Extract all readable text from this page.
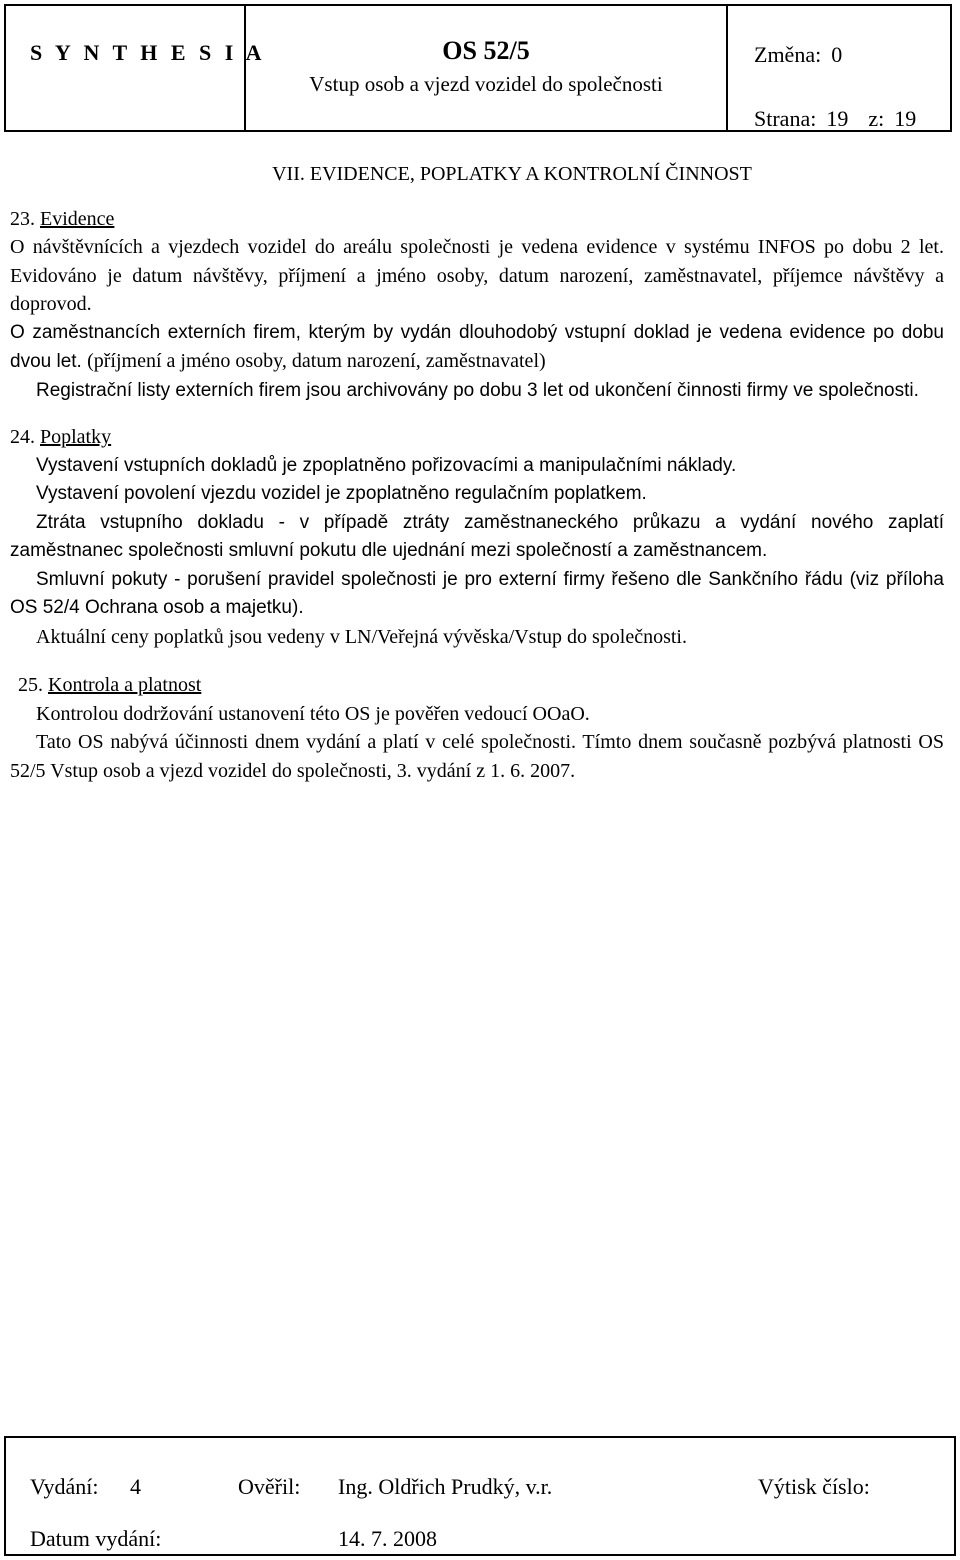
S Y N T H E S I A	OS 52/5
Vstup osob a vjezd vozidel do společnosti
Změna: 0
Strana: 19 z: 19
VII. EVIDENCE, POPLATKY A KONTROLNÍ ČINNOST
23. Evidence

O návštěvnících a vjezdech vozidel do areálu společnosti je vedena evidence v systému INFOS po dobu 2 let. Evidováno je datum návštěvy, příjmení a jméno osoby, datum narození, zaměstnavatel, příjemce návštěvy a doprovod.

O zaměstnancích externích firem, kterým by vydán dlouhodobý vstupní doklad je vedena evidence po dobu dvou let. (příjmení a jméno osoby, datum narození, zaměstnavatel)

Registrační listy externích firem jsou archivovány po dobu 3 let od ukončení činnosti firmy ve společnosti.

24. Poplatky

Vystavení vstupních dokladů je zpoplatněno pořizovacími a manipulačními náklady.

Vystavení povolení vjezdu vozidel je zpoplatněno regulačním poplatkem.

Ztráta vstupního dokladu - v případě ztráty zaměstnaneckého průkazu a vydání nového zaplatí zaměstnanec společnosti smluvní pokutu dle ujednání mezi společností a zaměstnancem.

Smluvní pokuty - porušení pravidel společnosti je pro externí firmy řešeno dle Sankčního řádu (viz příloha OS 52/4 Ochrana osob a majetku).

Aktuální ceny poplatků jsou vedeny v LN/Veřejná vývěska/Vstup do společnosti.

25. Kontrola a platnost

Kontrolou dodržování ustanovení této OS je pověřen vedoucí OOaO.

Tato OS nabývá účinnosti dnem vydání a platí v celé společnosti. Tímto dnem současně pozbývá platnosti OS 52/5 Vstup osob a vjezd vozidel do společnosti, 3. vydání z 1. 6. 2007.

Vydání: 4	Ověřil: Ing. Oldřich Prudký, v.r.	Výtisk číslo:
Datum vydání:	14. 7. 2008
